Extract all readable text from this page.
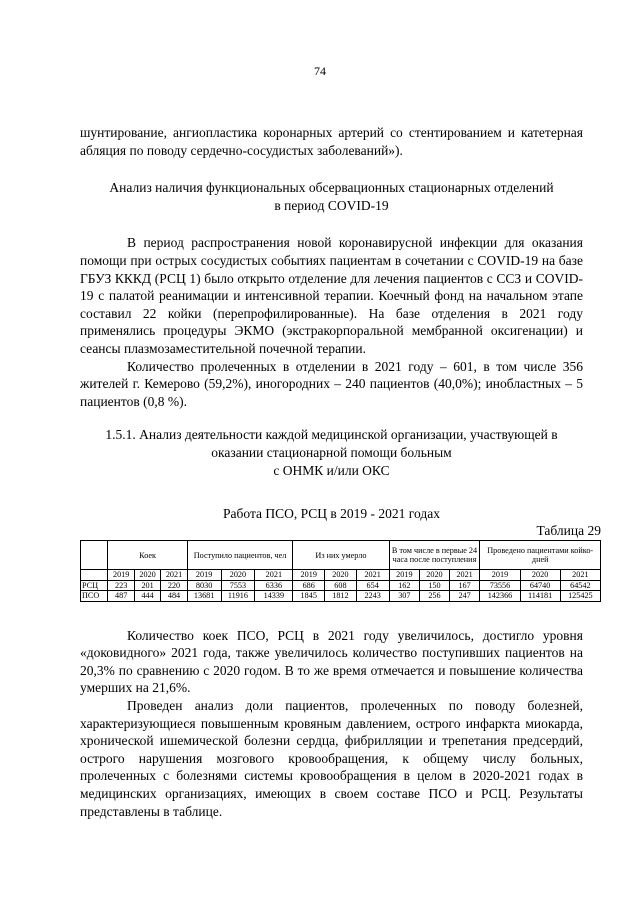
74

шунтирование, ангиопластика коронарных артерий со стентированием и катетерная абляция по поводу сердечно-сосудистых заболеваний»).

Анализ наличия функциональных обсервационных стационарных отделений
в период COVID-19

В период распространения новой коронавирусной инфекции для оказания помощи при острых сосудистых событиях пациентам в сочетании с COVID-19 на базе ГБУЗ КККД (РСЦ 1) было открыто отделение для лечения пациентов с ССЗ и COVID-19 с палатой реанимации и интенсивной терапии. Коечный фонд на начальном этапе составил 22 койки (перепрофилированные). На базе отделения в 2021 году применялись процедуры ЭКМО (экстракорпоральной мембранной оксигенации) и сеансы плазмозаместительной почечной терапии.

Количество пролеченных в отделении в 2021 году – 601, в том числе 356 жителей г. Кемерово (59,2%), иногородних – 240 пациентов (40,0%); инобластных – 5 пациентов (0,8 %).

1.5.1. Анализ деятельности каждой медицинской организации, участвующей в
оказании стационарной помощи больным
с ОНМК и/или ОКС
Работа ПСО, РСЦ в 2019 - 2021 годах
Таблица 29
	Коек			Поступило пациентов, чел			Из них умерло			В том числе в первые 24 часа после поступления			Проведено пациентами койко-дней		
	2019	2020	2021	2019	2020	2021	2019	2020	2021	2019	2020	2021	2019	2020	2021
РСЦ	223	201	220	8030	7553	6336	686	608	654	162	150	167	73556	64740	64542
ПСО	487	444	484	13681	11916	14339	1845	1812	2243	307	256	247	142366	114181	125425

Количество коек ПСО, РСЦ в 2021 году увеличилось, достигло уровня «доковидного» 2021 года, также увеличилось количество поступивших пациентов на 20,3% по сравнению с 2020 годом. В то же время отмечается и повышение количества умерших на 21,6%.

Проведен анализ доли пациентов, пролеченных по поводу болезней, характеризующиеся повышенным кровяным давлением, острого инфаркта миокарда, хронической ишемической болезни сердца, фибрилляции и трепетания предсердий, острого нарушения мозгового кровообращения, к общему числу больных, пролеченных с болезнями системы кровообращения в целом в 2020-2021 годах в медицинских организациях, имеющих в своем составе ПСО и РСЦ. Результаты представлены в таблице.
